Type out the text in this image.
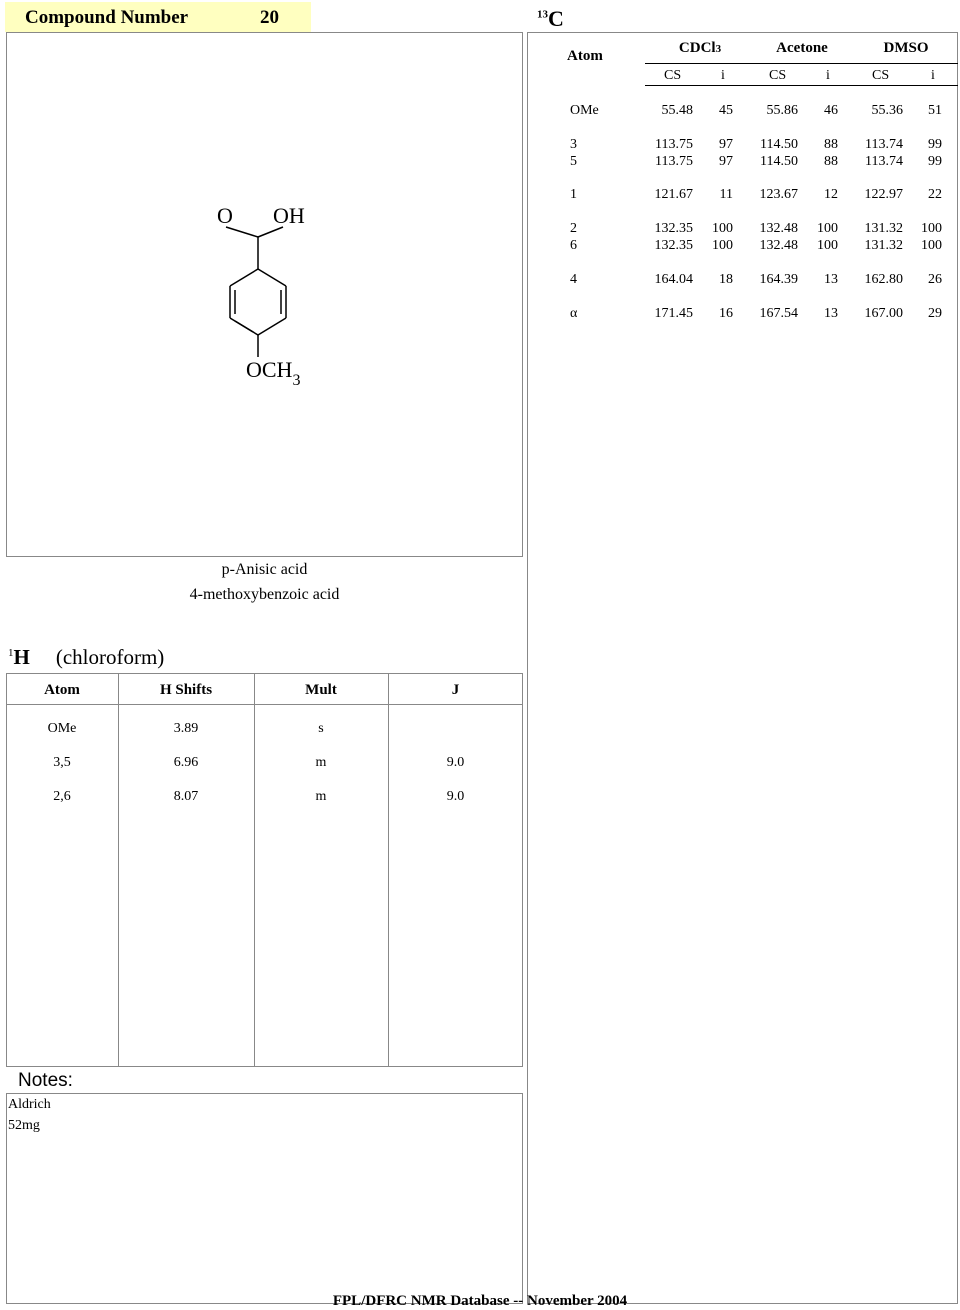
Compound Number	20	$^{13}$C
O OH
$OCH_3$
p-Anisic acid
4-methoxybenzoic acid
Atom	CDCl3	Acetone	DMSO
CS	i	CS	i	CS	i
OMe	55.48	45	55.86	46	55.36	51
3	113.75	97	114.50	88	113.74	99
5	113.75	97	114.50	88	113.74	99
1	121.67	11	123.67	12	122.97	22
2	132.35	100	132.48	100	131.32	100
6	132.35	100	132.48	100	131.32	100
4	164.04	18	164.39	13	162.80	26
α	171.45	16	167.54	13	167.00	29
$^1$H (chloroform)
Atom	H Shifts	Mult	J
OMe	3.89	s
3,5	6.96	m	9.0
2,6	8.07	m	9.0
Notes:
Aldrich
52mg
FPL/DFRC NMR Database -- November 2004
